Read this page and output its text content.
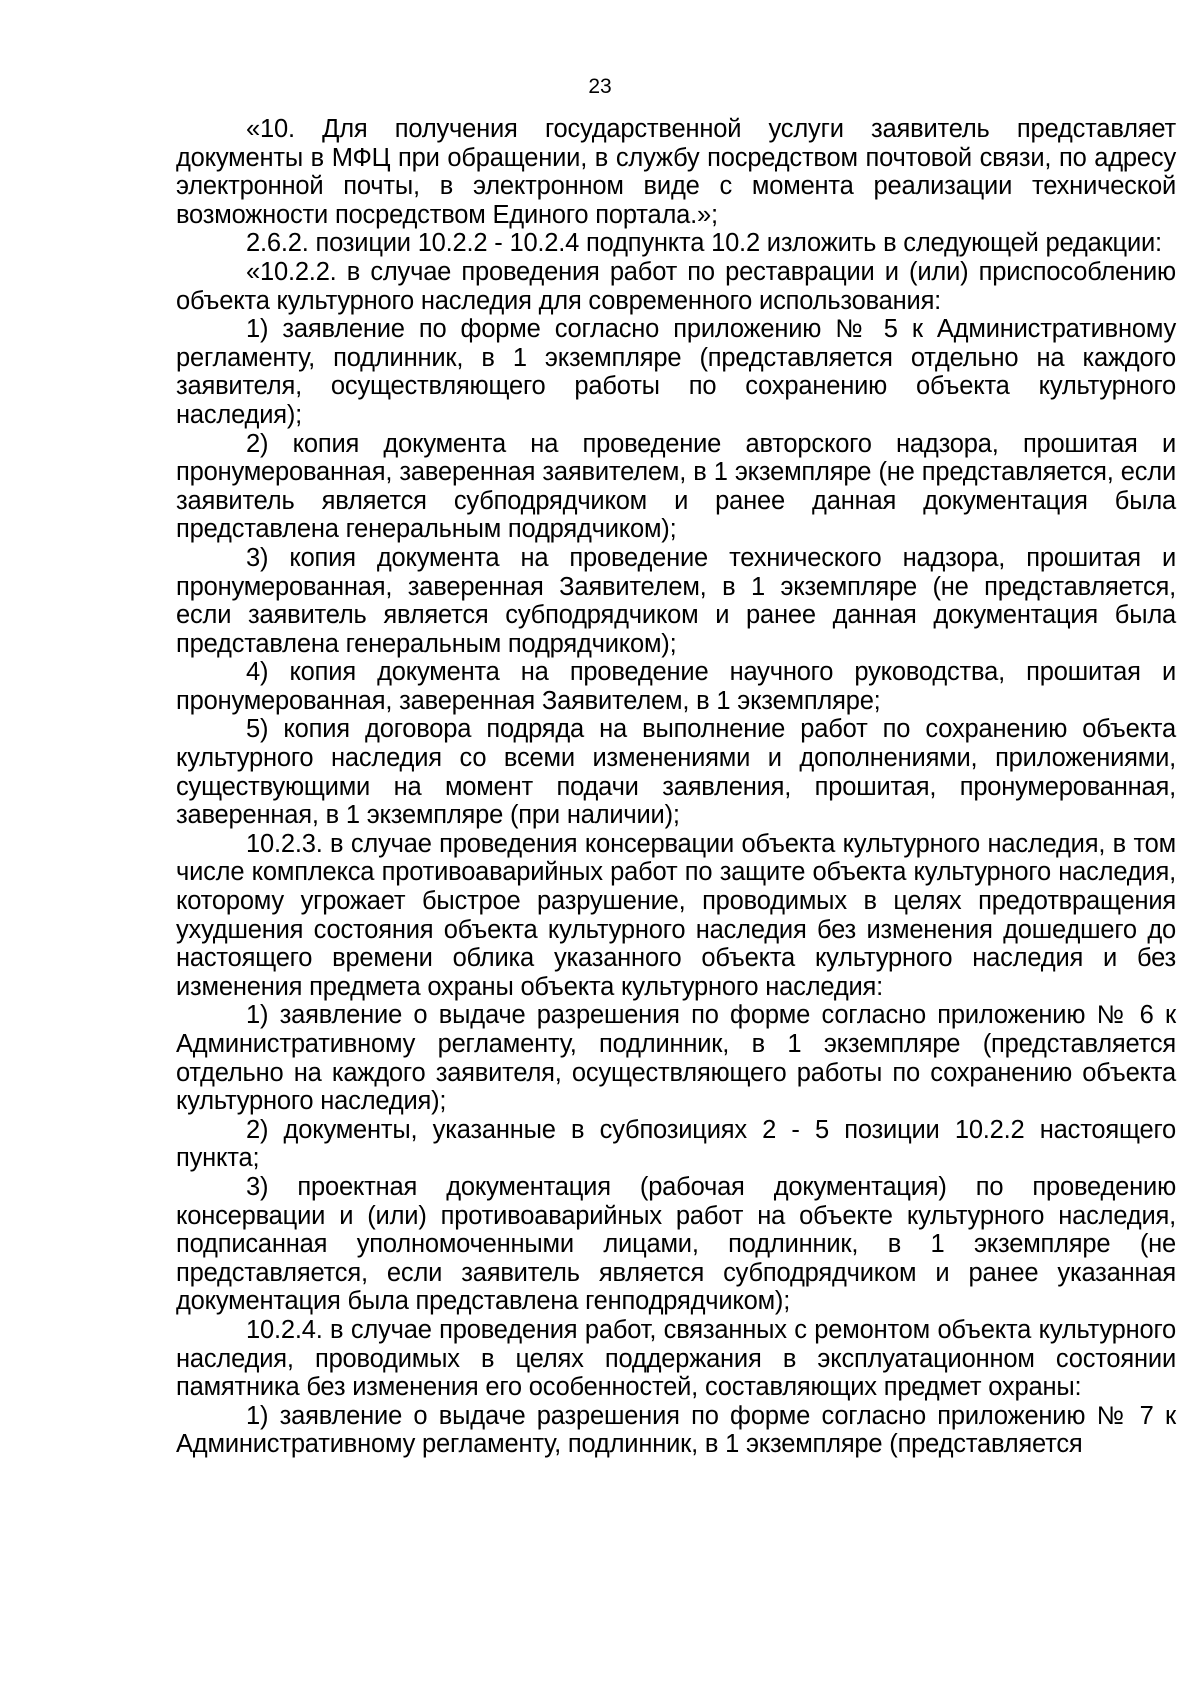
23

«10. Для получения государственной услуги заявитель представляет документы в МФЦ при обращении, в службу посредством почтовой связи, по адресу электронной почты, в электронном виде с момента реализации технической возможности посредством Единого портала.»;

2.6.2. позиции 10.2.2 - 10.2.4 подпункта 10.2 изложить в следующей редакции:

«10.2.2. в случае проведения работ по реставрации и (или) приспособлению объекта культурного наследия для современного использования:

1) заявление по форме согласно приложению № 5 к Административному регламенту, подлинник, в 1 экземпляре (представляется отдельно на каждого заявителя, осуществляющего работы по сохранению объекта культурного наследия);

2) копия документа на проведение авторского надзора, прошитая и пронумерованная, заверенная заявителем, в 1 экземпляре (не представляется, если заявитель является субподрядчиком и ранее данная документация была представлена генеральным подрядчиком);

3) копия документа на проведение технического надзора, прошитая и пронумерованная, заверенная Заявителем, в 1 экземпляре (не представляется, если заявитель является субподрядчиком и ранее данная документация была представлена генеральным подрядчиком);

4) копия документа на проведение научного руководства, прошитая и пронумерованная, заверенная Заявителем, в 1 экземпляре;

5) копия договора подряда на выполнение работ по сохранению объекта культурного наследия со всеми изменениями и дополнениями, приложениями, существующими на момент подачи заявления, прошитая, пронумерованная, заверенная, в 1 экземпляре (при наличии);

10.2.3. в случае проведения консервации объекта культурного наследия, в том числе комплекса противоаварийных работ по защите объекта культурного наследия, которому угрожает быстрое разрушение, проводимых в целях предотвращения ухудшения состояния объекта культурного наследия без изменения дошедшего до настоящего времени облика указанного объекта культурного наследия и без изменения предмета охраны объекта культурного наследия:

1) заявление о выдаче разрешения по форме согласно приложению № 6 к Административному регламенту, подлинник, в 1 экземпляре (представляется отдельно на каждого заявителя, осуществляющего работы по сохранению объекта культурного наследия);

2) документы, указанные в субпозициях 2 - 5 позиции 10.2.2 настоящего пункта;

3) проектная документация (рабочая документация) по проведению консервации и (или) противоаварийных работ на объекте культурного наследия, подписанная уполномоченными лицами, подлинник, в 1 экземпляре (не представляется, если заявитель является субподрядчиком и ранее указанная документация была представлена генподрядчиком);

10.2.4. в случае проведения работ, связанных с ремонтом объекта культурного наследия, проводимых в целях поддержания в эксплуатационном состоянии памятника без изменения его особенностей, составляющих предмет охраны:

1) заявление о выдаче разрешения по форме согласно приложению № 7 к Административному регламенту, подлинник, в 1 экземпляре (представляется
